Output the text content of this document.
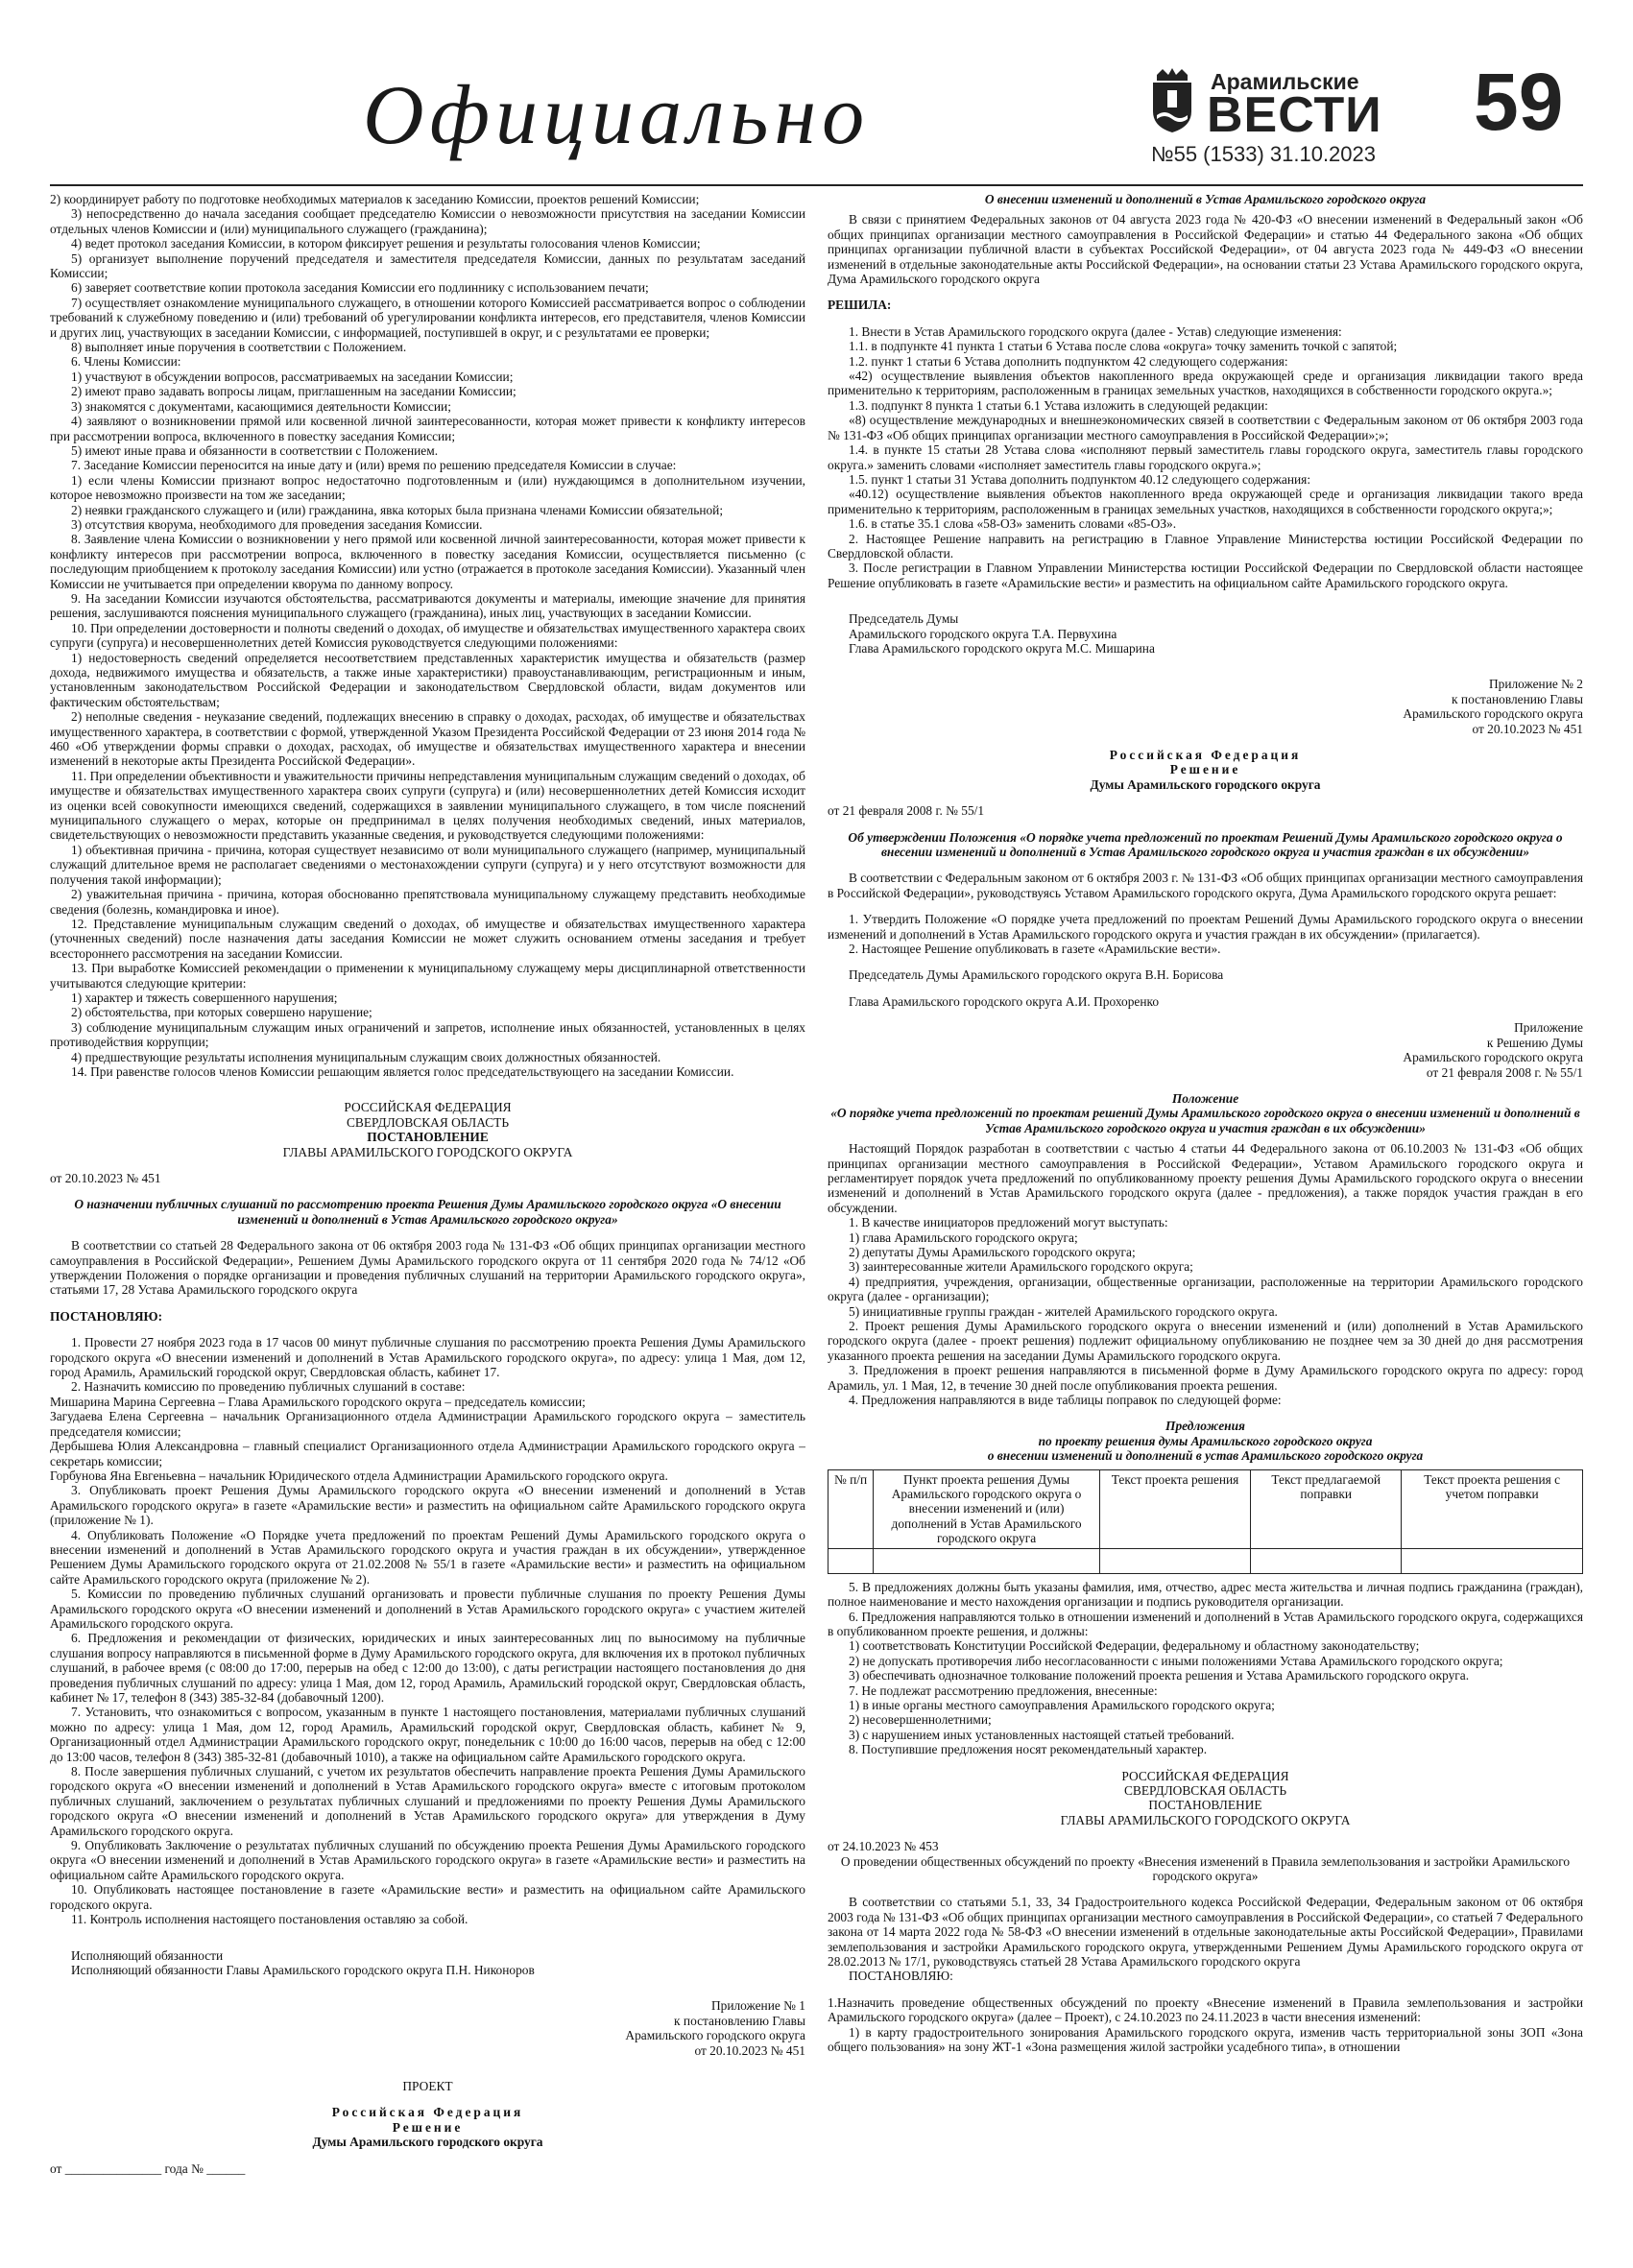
Официально	Арамильские
ВЕСТИ
№55 (1533) 31.10.2023
59
2) координирует работу по подготовке необходимых материалов к заседанию Комиссии, проектов решений Комиссии;
3) непосредственно до начала заседания сообщает председателю Комиссии о невозможности присутствия на заседании Комиссии отдельных членов Комиссии и (или) муниципального служащего (гражданина);
4) ведет протокол заседания Комиссии, в котором фиксирует решения и результаты голосования членов Комиссии;
5) организует выполнение поручений председателя и заместителя председателя Комиссии, данных по результатам заседаний Комиссии;
6) заверяет соответствие копии протокола заседания Комиссии его подлиннику с использованием печати;
7) осуществляет ознакомление муниципального служащего, в отношении которого Комиссией рассматривается вопрос о соблюдении требований к служебному поведению и (или) требований об урегулировании конфликта интересов, его представителя, членов Комиссии и других лиц, участвующих в заседании Комиссии, с информацией, поступившей в округ, и с результатами ее проверки;
8) выполняет иные поручения в соответствии с Положением.
6. Члены Комиссии:
1) участвуют в обсуждении вопросов, рассматриваемых на заседании Комиссии;
2) имеют право задавать вопросы лицам, приглашенным на заседании Комиссии;
3) знакомятся с документами, касающимися деятельности Комиссии;
4) заявляют о возникновении прямой или косвенной личной заинтересованности, которая может привести к конфликту интересов при рассмотрении вопроса, включенного в повестку заседания Комиссии;
5) имеют иные права и обязанности в соответствии с Положением.
7. Заседание Комиссии переносится на иные дату и (или) время по решению председателя Комиссии в случае:
1) если члены Комиссии признают вопрос недостаточно подготовленным и (или) нуждающимся в дополнительном изучении, которое невозможно произвести на том же заседании;
2) неявки гражданского служащего и (или) гражданина, явка которых была признана членами Комиссии обязательной;
3) отсутствия кворума, необходимого для проведения заседания Комиссии.
8. Заявление члена Комиссии о возникновении у него прямой или косвенной личной заинтересованности, которая может привести к конфликту интересов при рассмотрении вопроса, включенного в повестку заседания Комиссии, осуществляется письменно (с последующим приобщением к протоколу заседания Комиссии) или устно (отражается в протоколе заседания Комиссии). Указанный член Комиссии не учитывается при определении кворума по данному вопросу.
9. На заседании Комиссии изучаются обстоятельства, рассматриваются документы и материалы, имеющие значение для принятия решения, заслушиваются пояснения муниципального служащего (гражданина), иных лиц, участвующих в заседании Комиссии.
10. При определении достоверности и полноты сведений о доходах, об имуществе и обязательствах имущественного характера своих супруги (супруга) и несовершеннолетних детей Комиссия руководствуется следующими положениями:
1) недостоверность сведений определяется несоответствием представленных характеристик имущества и обязательств (размер дохода, недвижимого имущества и обязательств, а также иные характеристики) правоустанавливающим, регистрационным и иным, установленным законодательством Российской Федерации и законодательством Свердловской области, видам документов или фактическим обстоятельствам;
2) неполные сведения - неуказание сведений, подлежащих внесению в справку о доходах, расходах, об имуществе и обязательствах имущественного характера, в соответствии с формой, утвержденной Указом Президента Российской Федерации от 23 июня 2014 года № 460 «Об утверждении формы справки о доходах, расходах, об имуществе и обязательствах имущественного характера и внесении изменений в некоторые акты Президента Российской Федерации».
11. При определении объективности и уважительности причины непредставления муниципальным служащим сведений о доходах, об имуществе и обязательствах имущественного характера своих супруги (супруга) и (или) несовершеннолетних детей Комиссия исходит из оценки всей совокупности имеющихся сведений, содержащихся в заявлении муниципального служащего, в том числе пояснений муниципального служащего о мерах, которые он предпринимал в целях получения необходимых сведений, иных материалов, свидетельствующих о невозможности представить указанные сведения, и руководствуется следующими положениями:
1) объективная причина - причина, которая существует независимо от воли муниципального служащего (например, муниципальный служащий длительное время не располагает сведениями о местонахождении супруги (супруга) и у него отсутствуют возможности для получения такой информации);
2) уважительная причина - причина, которая обоснованно препятствовала муниципальному служащему представить необходимые сведения (болезнь, командировка и иное).
12. Представление муниципальным служащим сведений о доходах, об имуществе и обязательствах имущественного характера (уточненных сведений) после назначения даты заседания Комиссии не может служить основанием отмены заседания и требует всестороннего рассмотрения на заседании Комиссии.
13. При выработке Комиссией рекомендации о применении к муниципальному служащему меры дисциплинарной ответственности учитываются следующие критерии:
1) характер и тяжесть совершенного нарушения;
2) обстоятельства, при которых совершено нарушение;
3) соблюдение муниципальным служащим иных ограничений и запретов, исполнение иных обязанностей, установленных в целях противодействия коррупции;
4) предшествующие результаты исполнения муниципальным служащим своих должностных обязанностей.
14. При равенстве голосов членов Комиссии решающим является голос председательствующего на заседании Комиссии.
РОССИЙСКАЯ ФЕДЕРАЦИЯ
СВЕРДЛОВСКАЯ ОБЛАСТЬ
ПОСТАНОВЛЕНИЕ
ГЛАВЫ АРАМИЛЬСКОГО ГОРОДСКОГО ОКРУГА
от 20.10.2023 № 451
О назначении публичных слушаний по рассмотрению проекта Решения Думы Арамильского городского округа «О внесении изменений и дополнений в Устав Арамильского городского округа»
В соответствии со статьей 28 Федерального закона от 06 октября 2003 года № 131-ФЗ «Об общих принципах организации местного самоуправления в Российской Федерации», Решением Думы Арамильского городского округа от 11 сентября 2020 года № 74/12 «Об утверждении Положения о порядке организации и проведения публичных слушаний на территории Арамильского городского округа», статьями 17, 28 Устава Арамильского городского округа
ПОСТАНОВЛЯЮ:
1. Провести 27 ноября 2023 года в 17 часов 00 минут публичные слушания по рассмотрению проекта Решения Думы Арамильского городского округа «О внесении изменений и дополнений в Устав Арамильского городского округа», по адресу: улица 1 Мая, дом 12, город Арамиль, Арамильский городской округ, Свердловская область, кабинет 17.
2. Назначить комиссию по проведению публичных слушаний в составе:
Мишарина Марина Сергеевна – Глава Арамильского городского округа – председатель комиссии;
Загудаева Елена Сергеевна – начальник Организационного отдела Администрации Арамильского городского округа – заместитель председателя комиссии;
Дербышева Юлия Александровна – главный специалист Организационного отдела Администрации Арамильского городского округа – секретарь комиссии;
Горбунова Яна Евгеньевна – начальник Юридического отдела Администрации Арамильского городского округа.
3. Опубликовать проект Решения Думы Арамильского городского округа «О внесении изменений и дополнений в Устав Арамильского городского округа» в газете «Арамильские вести» и разместить на официальном сайте Арамильского городского округа (приложение № 1).
4. Опубликовать Положение «О Порядке учета предложений по проектам Решений Думы Арамильского городского округа о внесении изменений и дополнений в Устав Арамильского городского округа и участия граждан в их обсуждении», утвержденное Решением Думы Арамильского городского округа от 21.02.2008 № 55/1 в газете «Арамильские вести» и разместить на официальном сайте Арамильского городского округа (приложение № 2).
5. Комиссии по проведению публичных слушаний организовать и провести публичные слушания по проекту Решения Думы Арамильского городского округа «О внесении изменений и дополнений в Устав Арамильского городского округа» с участием жителей Арамильского городского округа.
6. Предложения и рекомендации от физических, юридических и иных заинтересованных лиц по выносимому на публичные слушания вопросу направляются в письменной форме в Думу Арамильского городского округа, для включения их в протокол публичных слушаний, в рабочее время (с 08:00 до 17:00, перерыв на обед с 12:00 до 13:00), с даты регистрации настоящего постановления до дня проведения публичных слушаний по адресу: улица 1 Мая, дом 12, город Арамиль, Арамильский городской округ, Свердловская область, кабинет № 17, телефон 8 (343) 385-32-84 (добавочный 1200).
7. Установить, что ознакомиться с вопросом, указанным в пункте 1 настоящего постановления, материалами публичных слушаний можно по адресу: улица 1 Мая, дом 12, город Арамиль, Арамильский городской округ, Свердловская область, кабинет № 9, Организационный отдел Администрации Арамильского городского округ, понедельник с 10:00 до 16:00 часов, перерыв на обед с 12:00 до 13:00 часов, телефон 8 (343) 385-32-81 (добавочный 1010), а также на официальном сайте Арамильского городского округа.
8. После завершения публичных слушаний, с учетом их результатов обеспечить направление проекта Решения Думы Арамильского городского округа «О внесении изменений и дополнений в Устав Арамильского городского округа» вместе с итоговым протоколом публичных слушаний, заключением о результатах публичных слушаний и предложениями по проекту Решения Думы Арамильского городского округа «О внесении изменений и дополнений в Устав Арамильского городского округа» для утверждения в Думу Арамильского городского округа.
9. Опубликовать Заключение о результатах публичных слушаний по обсуждению проекта Решения Думы Арамильского городского округа «О внесении изменений и дополнений в Устав Арамильского городского округа» в газете «Арамильские вести» и разместить на официальном сайте Арамильского городского округа.
10. Опубликовать настоящее постановление в газете «Арамильские вести» и разместить на официальном сайте Арамильского городского округа.
11. Контроль исполнения настоящего постановления оставляю за собой.
Исполняющий обязанности
Исполняющий обязанности Главы Арамильского городского округа П.Н. Никоноров
Приложение № 1
к постановлению Главы
Арамильского городского округа
от 20.10.2023 № 451
ПРОЕКТ
Российская Федерация
Решение
Думы Арамильского городского округа
от _______________ года № ______
О внесении изменений и дополнений в Устав Арамильского городского округа
В связи с принятием Федеральных законов от 04 августа 2023 года № 420-ФЗ «О внесении изменений в Федеральный закон «Об общих принципах организации местного самоуправления в Российской Федерации» и статью 44 Федерального закона «Об общих принципах организации публичной власти в субъектах Российской Федерации», от 04 августа 2023 года № 449-ФЗ «О внесении изменений в отдельные законодательные акты Российской Федерации», на основании статьи 23 Устава Арамильского городского округа, Дума Арамильского городского округа
РЕШИЛА:
1. Внести в Устав Арамильского городского округа (далее - Устав) следующие изменения:
1.1. в подпункте 41 пункта 1 статьи 6 Устава после слова «округа» точку заменить точкой с запятой;
1.2. пункт 1 статьи 6 Устава дополнить подпунктом 42 следующего содержания:
«42) осуществление выявления объектов накопленного вреда окружающей среде и организация ликвидации такого вреда применительно к территориям, расположенным в границах земельных участков, находящихся в собственности городского округа.»;
1.3. подпункт 8 пункта 1 статьи 6.1 Устава изложить в следующей редакции:
«8) осуществление международных и внешнеэкономических связей в соответствии с Федеральным законом от 06 октября 2003 года № 131-ФЗ «Об общих принципах организации местного самоуправления в Российской Федерации»;»;
1.4. в пункте 15 статьи 28 Устава слова «исполняют первый заместитель главы городского округа, заместитель главы городского округа.» заменить словами «исполняет заместитель главы городского округа.»;
1.5. пункт 1 статьи 31 Устава дополнить подпунктом 40.12 следующего содержания:
«40.12) осуществление выявления объектов накопленного вреда окружающей среде и организация ликвидации такого вреда применительно к территориям, расположенным в границах земельных участков, находящихся в собственности городского округа;»;
1.6. в статье 35.1 слова «58-ОЗ» заменить словами «85-ОЗ».
2. Настоящее Решение направить на регистрацию в Главное Управление Министерства юстиции Российской Федерации по Свердловской области.
3. После регистрации в Главном Управлении Министерства юстиции Российской Федерации по Свердловской области настоящее Решение опубликовать в газете «Арамильские вести» и разместить на официальном сайте Арамильского городского округа.
Председатель Думы
Арамильского городского округа Т.А. Первухина
Глава Арамильского городского округа М.С. Мишарина
Приложение № 2
к постановлению Главы
Арамильского городского округа
от 20.10.2023 № 451
Российская Федерация
Решение
Думы Арамильского городского округа
от 21 февраля 2008 г. № 55/1
Об утверждении Положения «О порядке учета предложений по проектам Решений Думы Арамильского городского округа о внесении изменений и дополнений в Устав Арамильского городского округа и участия граждан в их обсуждении»
В соответствии с Федеральным законом от 6 октября 2003 г. № 131-ФЗ «Об общих принципах организации местного самоуправления в Российской Федерации», руководствуясь Уставом Арамильского городского округа, Дума Арамильского городского округа решает:
1. Утвердить Положение «О порядке учета предложений по проектам Решений Думы Арамильского городского округа о внесении изменений и дополнений в Устав Арамильского городского округа и участия граждан в их обсуждении» (прилагается).
2. Настоящее Решение опубликовать в газете «Арамильские вести».
Председатель Думы Арамильского городского округа В.Н. Борисова
Глава Арамильского городского округа А.И. Прохоренко
Приложение
к Решению Думы
Арамильского городского округа
от 21 февраля 2008 г. № 55/1
Положение
«О порядке учета предложений по проектам решений Думы Арамильского городского округа о внесении изменений и дополнений в Устав Арамильского городского округа и участия граждан в их обсуждении»
Настоящий Порядок разработан в соответствии с частью 4 статьи 44 Федерального закона от 06.10.2003 № 131-ФЗ «Об общих принципах организации местного самоуправления в Российской Федерации», Уставом Арамильского городского округа и регламентирует порядок учета предложений по опубликованному проекту решения Думы Арамильского городского округа о внесении изменений и дополнений в Устав Арамильского городского округа (далее - предложения), а также порядок участия граждан в его обсуждении.
1. В качестве инициаторов предложений могут выступать:
1) глава Арамильского городского округа;
2) депутаты Думы Арамильского городского округа;
3) заинтересованные жители Арамильского городского округа;
4) предприятия, учреждения, организации, общественные организации, расположенные на территории Арамильского городского округа (далее - организации);
5) инициативные группы граждан - жителей Арамильского городского округа.
2. Проект решения Думы Арамильского городского округа о внесении изменений и (или) дополнений в Устав Арамильского городского округа (далее - проект решения) подлежит официальному опубликованию не позднее чем за 30 дней до дня рассмотрения указанного проекта решения на заседании Думы Арамильского городского округа.
3. Предложения в проект решения направляются в письменной форме в Думу Арамильского городского округа по адресу: город Арамиль, ул. 1 Мая, 12, в течение 30 дней после опубликования проекта решения.
4. Предложения направляются в виде таблицы поправок по следующей форме:
Предложения
по проекту решения думы Арамильского городского округа
о внесении изменений и дополнений в устав Арамильского городского округа
№ п/п	Пункт проекта решения Думы Арамильского городского округа о внесении изменений и (или) дополнений в Устав Арамильского городского округа	Текст проекта решения	Текст предлагаемой поправки	Текст проекта решения с учетом поправки

5. В предложениях должны быть указаны фамилия, имя, отчество, адрес места жительства и личная подпись гражданина (граждан), полное наименование и место нахождения организации и подпись руководителя организации.
6. Предложения направляются только в отношении изменений и дополнений в Устав Арамильского городского округа, содержащихся в опубликованном проекте решения, и должны:
1) соответствовать Конституции Российской Федерации, федеральному и областному законодательству;
2) не допускать противоречия либо несогласованности с иными положениями Устава Арамильского городского округа;
3) обеспечивать однозначное толкование положений проекта решения и Устава Арамильского городского округа.
7. Не подлежат рассмотрению предложения, внесенные:
1) в иные органы местного самоуправления Арамильского городского округа;
2) несовершеннолетними;
3) с нарушением иных установленных настоящей статьей требований.
8. Поступившие предложения носят рекомендательный характер.
РОССИЙСКАЯ ФЕДЕРАЦИЯ
СВЕРДЛОВСКАЯ ОБЛАСТЬ
ПОСТАНОВЛЕНИЕ
ГЛАВЫ АРАМИЛЬСКОГО ГОРОДСКОГО ОКРУГА
от 24.10.2023 № 453
О проведении общественных обсуждений по проекту «Внесения изменений в Правила землепользования и застройки Арамильского городского округа»
В соответствии со статьями 5.1, 33, 34 Градостроительного кодекса Российской Федерации, Федеральным законом от 06 октября 2003 года № 131-ФЗ «Об общих принципах организации местного самоуправления в Российской Федерации», со статьей 7 Федерального закона от 14 марта 2022 года № 58-ФЗ «О внесении изменений в отдельные законодательные акты Российской Федерации», Правилами землепользования и застройки Арамильского городского округа, утвержденными Решением Думы Арамильского городского округа от 28.02.2013 № 17/1, руководствуясь статьей 28 Устава Арамильского городского округа
ПОСТАНОВЛЯЮ:
1.Назначить проведение общественных обсуждений по проекту «Внесение изменений в Правила землепользования и застройки Арамильского городского округа» (далее – Проект), с 24.10.2023 по 24.11.2023 в части внесения изменений:
1) в карту градостроительного зонирования Арамильского городского округа, изменив часть территориальной зоны ЗОП «Зона общего пользования» на зону ЖТ-1 «Зона размещения жилой застройки усадебного типа», в отношении
